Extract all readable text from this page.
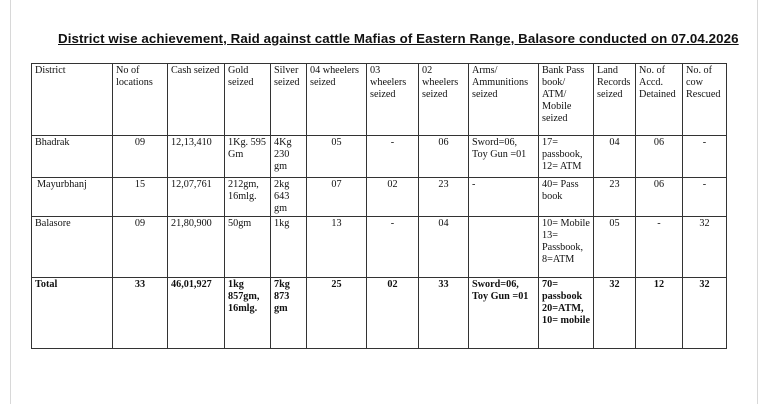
District wise achievement, Raid against cattle Mafias of Eastern Range, Balasore conducted on 07.04.2026
District	No of locations	Cash seized	Gold seized	Silver seized	04 wheelers seized	03 wheelers seized	02 wheelers seized	Arms/ Ammunitions seized	Bank Pass book/ ATM/ Mobile seized	Land Records seized	No. of Accd. Detained	No. of cow Rescued
Bhadrak	09	12,13,410	1Kg. 595 Gm	4Kg 230 gm	05	-	06	Sword=06, Toy Gun =01	17= passbook, 12= ATM	04	06	-
Mayurbhanj	15	12,07,761	212gm, 16mlg.	2kg 643 gm	07	02	23	-	40= Pass book	23	06	-
Balasore	09	21,80,900	50gm	1kg	13	-	04		10= Mobile 13= Passbook, 8=ATM	05	-	32
Total	33	46,01,927	1kg 857gm, 16mlg.	7kg 873 gm	25	02	33	Sword=06, Toy Gun =01	70= passbook 20=ATM, 10= mobile	32	12	32
